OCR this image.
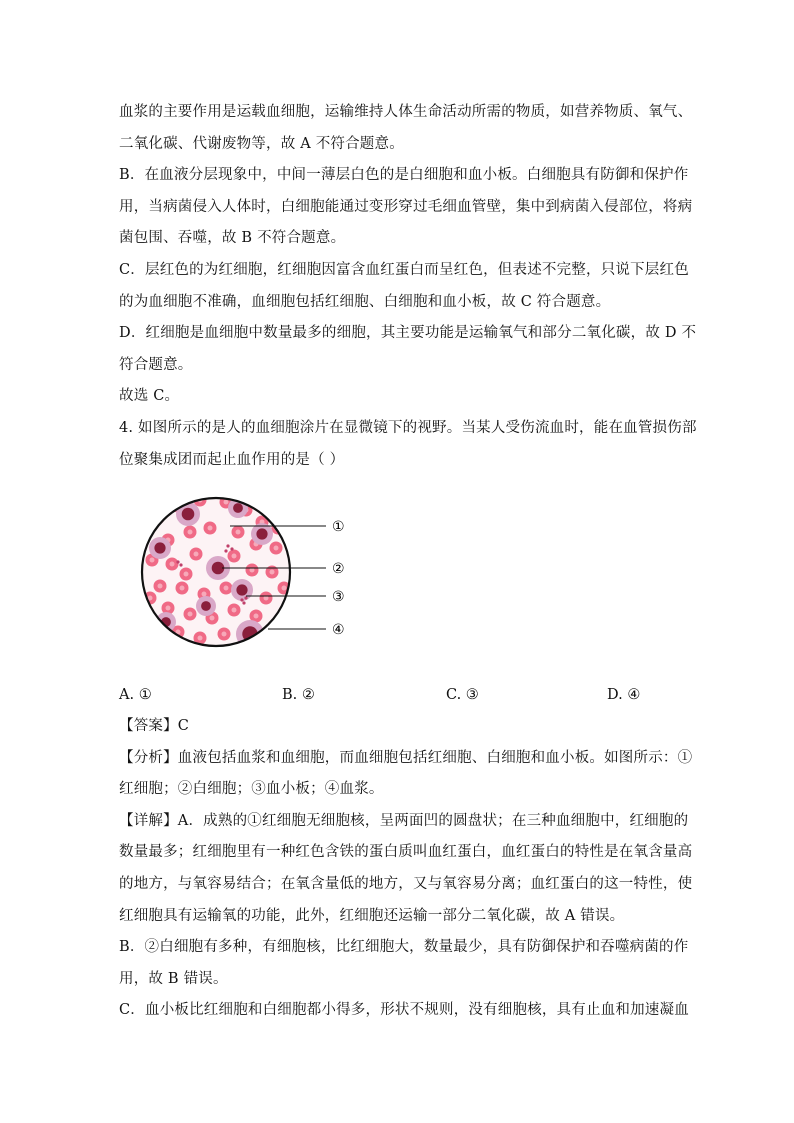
血浆的主要作用是运载血细胞，运输维持人体生命活动所需的物质，如营养物质、氧气、
二氧化碳、代谢废物等，故 A 不符合题意。
B．在血液分层现象中，中间一薄层白色的是白细胞和血小板。白细胞具有防御和保护作
用，当病菌侵入人体时，白细胞能通过变形穿过毛细血管壁，集中到病菌入侵部位，将病
菌包围、吞噬，故 B 不符合题意。
C．层红色的为红细胞，红细胞因富含血红蛋白而呈红色，但表述不完整，只说下层红色
的为血细胞不准确，血细胞包括红细胞、白细胞和血小板，故 C 符合题意。
D．红细胞是血细胞中数量最多的细胞，其主要功能是运输氧气和部分二氧化碳，故 D 不
符合题意。
故选 C。
4. 如图所示的是人的血细胞涂片在显微镜下的视野。当某人受伤流血时，能在血管损伤部
位聚集成团而起止血作用的是（ ）
①
②
③
④
A. ①	B. ②	C. ③	D. ④
【答案】C
【分析】血液包括血浆和血细胞，而血细胞包括红细胞、白细胞和血小板。如图所示：①
红细胞；②白细胞；③血小板；④血浆。
【详解】A．成熟的①红细胞无细胞核，呈两面凹的圆盘状；在三种血细胞中，红细胞的
数量最多；红细胞里有一种红色含铁的蛋白质叫血红蛋白，血红蛋白的特性是在氧含量高
的地方，与氧容易结合；在氧含量低的地方，又与氧容易分离；血红蛋白的这一特性，使
红细胞具有运输氧的功能，此外，红细胞还运输一部分二氧化碳，故 A 错误。
B．②白细胞有多种，有细胞核，比红细胞大，数量最少，具有防御保护和吞噬病菌的作
用，故 B 错误。
C．血小板比红细胞和白细胞都小得多，形状不规则，没有细胞核，具有止血和加速凝血
